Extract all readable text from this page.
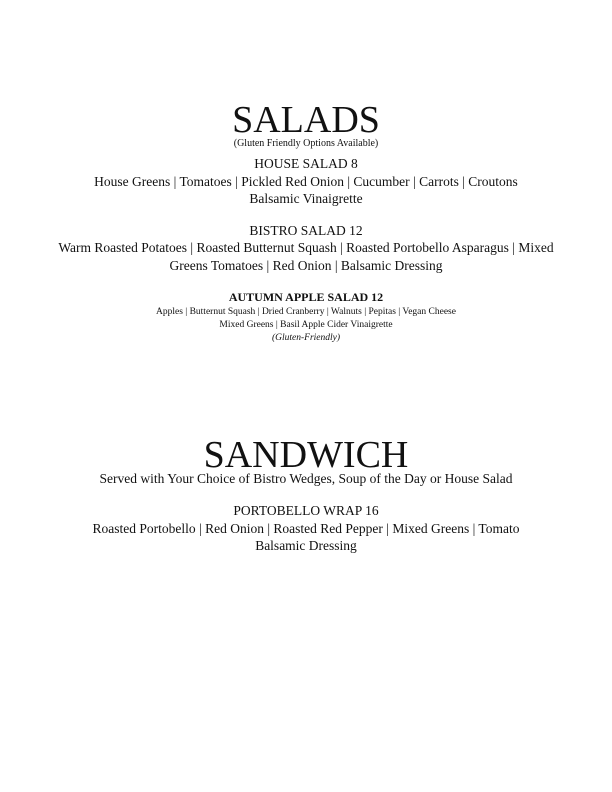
SALADS
(Gluten Friendly Options Available)
HOUSE SALAD 8
House Greens | Tomatoes | Pickled Red Onion | Cucumber | Carrots | Croutons
Balsamic Vinaigrette
BISTRO SALAD 12
Warm Roasted Potatoes | Roasted Butternut Squash | Roasted Portobello Asparagus | Mixed
Greens Tomatoes | Red Onion | Balsamic Dressing
AUTUMN APPLE SALAD 12
Apples | Butternut Squash | Dried Cranberry | Walnuts | Pepitas | Vegan Cheese
Mixed Greens | Basil Apple Cider Vinaigrette
(Gluten-Friendly)
SANDWICH
Served with Your Choice of Bistro Wedges, Soup of the Day or House Salad
PORTOBELLO WRAP 16
Roasted Portobello | Red Onion | Roasted Red Pepper | Mixed Greens | Tomato
Balsamic Dressing
